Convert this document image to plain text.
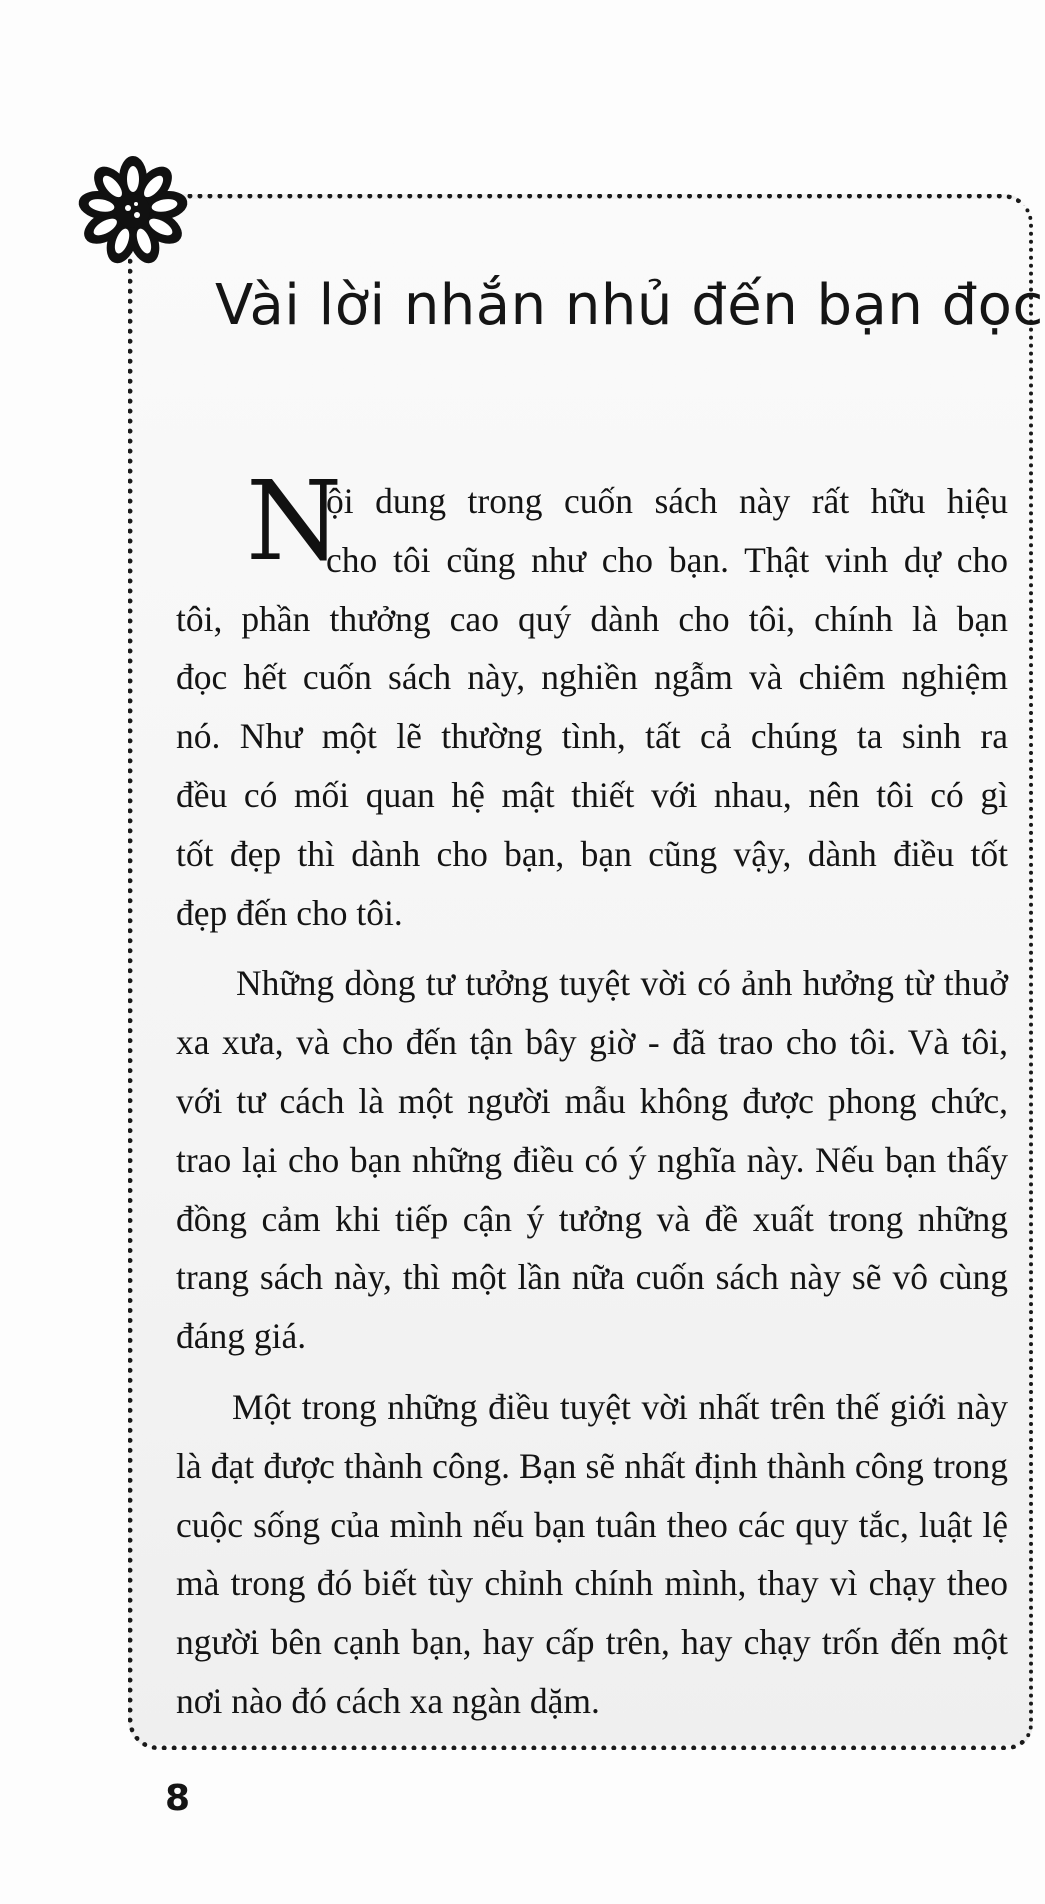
Vài lời nhắn nhủ đến bạn đọc
N
ội dung trong cuốn sách này rất hữu hiệu
cho tôi cũng như cho bạn. Thật vinh dự cho
tôi, phần thưởng cao quý dành cho tôi, chính là bạn
đọc hết cuốn sách này, nghiền ngẫm và chiêm nghiệm
nó. Như một lẽ thường tình, tất cả chúng ta sinh ra
đều có mối quan hệ mật thiết với nhau, nên tôi có gì
tốt đẹp thì dành cho bạn, bạn cũng vậy, dành điều tốt
đẹp đến cho tôi.

Những dòng tư tưởng tuyệt vời có ảnh hưởng từ thuở xa xưa, và cho đến tận bây giờ - đã trao cho tôi. Và tôi, với tư cách là một người mẫu không được phong chức, trao lại cho bạn những điều có ý nghĩa này. Nếu bạn thấy đồng cảm khi tiếp cận ý tưởng và đề xuất trong những trang sách này, thì một lần nữa cuốn sách này sẽ vô cùng đáng giá.

Một trong những điều tuyệt vời nhất trên thế giới này là đạt được thành công. Bạn sẽ nhất định thành công trong cuộc sống của mình nếu bạn tuân theo các quy tắc, luật lệ mà trong đó biết tùy chỉnh chính mình, thay vì chạy theo người bên cạnh bạn, hay cấp trên, hay chạy trốn đến một nơi nào đó cách xa ngàn dặm.

8
